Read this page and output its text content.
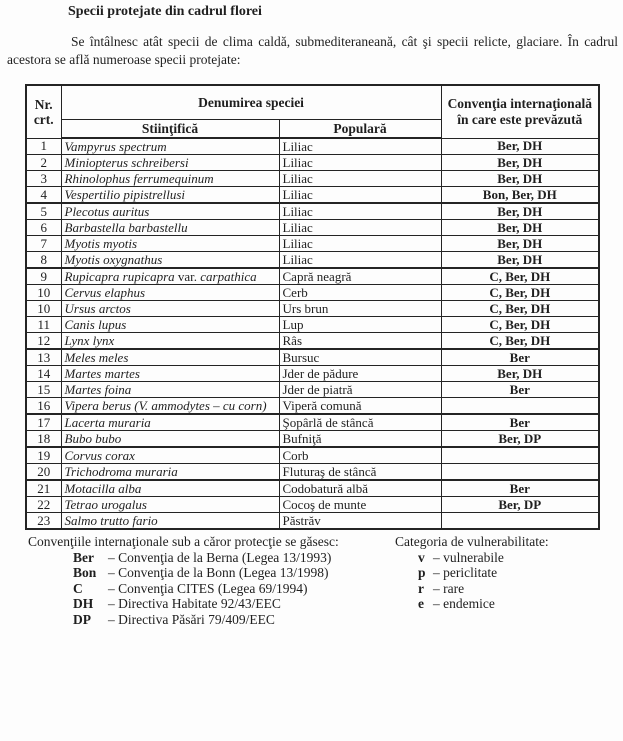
Specii protejate din cadrul florei

Se întâlnesc atât specii de clima caldă, submediteraneană, cât şi specii relicte, glaciare. În cadrul acestora se află numeroase specii protejate:

Nr. crt.	Denumirea speciei		Convenţia internaţională în care este prevăzută
	Stiinţifică	Populară	
1	Vampyrus spectrum	Liliac	Ber, DH
2	Miniopterus schreibersi	Liliac	Ber, DH
3	Rhinolophus ferrumequinum	Liliac	Ber, DH
4	Vespertilio pipistrellusi	Liliac	Bon, Ber, DH
5	Plecotus auritus	Liliac	Ber, DH
6	Barbastella barbastellu	Liliac	Ber, DH
7	Myotis myotis	Liliac	Ber, DH
8	Myotis oxygnathus	Liliac	Ber, DH
9	Rupicapra rupicapra var. carpathica	Capră neagră	C, Ber, DH
10	Cervus elaphus	Cerb	C, Ber, DH
10	Ursus arctos	Urs brun	C, Ber, DH
11	Canis lupus	Lup	C, Ber, DH
12	Lynx lynx	Râs	C, Ber, DH
13	Meles meles	Bursuc	Ber
14	Martes martes	Jder de pădure	Ber, DH
15	Martes foina	Jder de piatră	Ber
16	Vipera berus (V. ammodytes – cu corn)	Viperă comună	
17	Lacerta muraria	Şopârlă de stâncă	Ber
18	Bubo bubo	Bufniţă	Ber, DP
19	Corvus corax	Corb	
20	Trichodroma muraria	Fluturaş de stâncă	
21	Motacilla alba	Codobatură albă	Ber
22	Tetrao urogalus	Cocoş de munte	Ber, DP
23	Salmo trutto fario	Păstrăv	
Convenţiile internaţionale sub a căror protecţie se găsesc:
Ber	– Convenţia de la Berna (Legea 13/1993)
Bon – Convenţia de la Bonn (Legea 13/1998)
C	– Convenţia CITES (Legea 69/1994)
DH	– Directiva Habitate 92/43/EEC
DP	– Directiva Păsări 79/409/EEC
Categoria de vulnerabilitate:
v – vulnerabile
p – periclitate
r – rare
e – endemice
